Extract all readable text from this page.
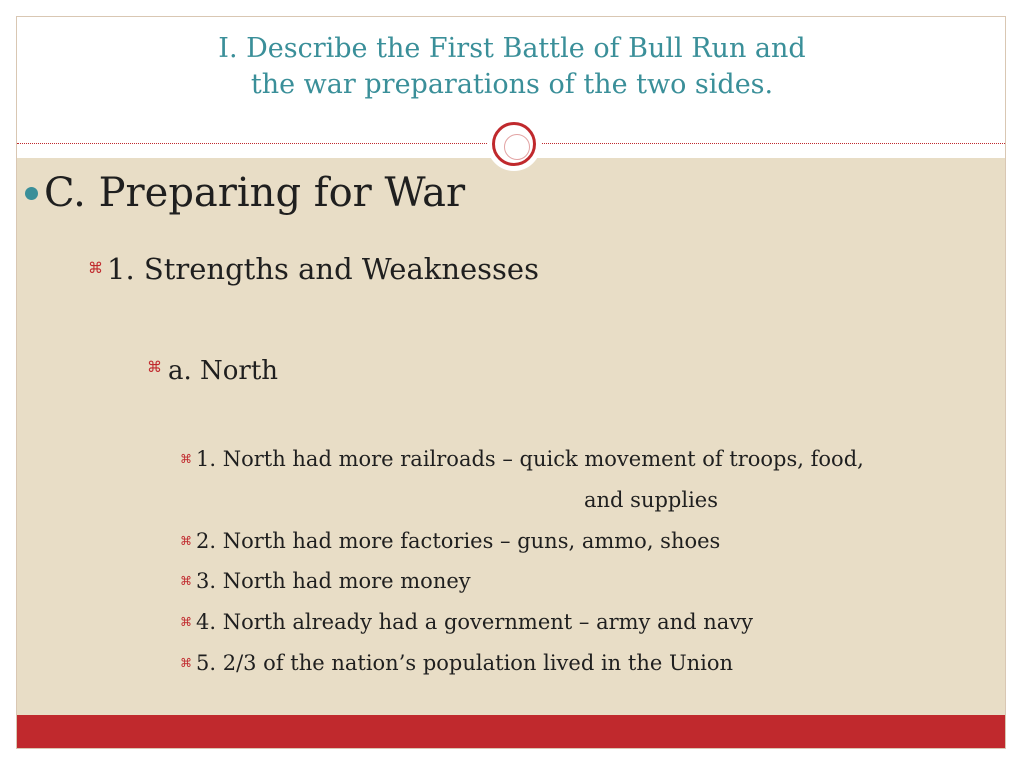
I. Describe the First Battle of Bull Run and
the war preparations of the two sides.
C. Preparing for War
⌘ 1. Strengths and Weaknesses
⌘ a. North
⌘ 1. North had more railroads – quick movement of troops, food,
and supplies
⌘ 2. North had more factories – guns, ammo, shoes
⌘ 3. North had more money
⌘ 4. North already had a government – army and navy
⌘ 5. 2/3 of the nation’s population lived in the Union
